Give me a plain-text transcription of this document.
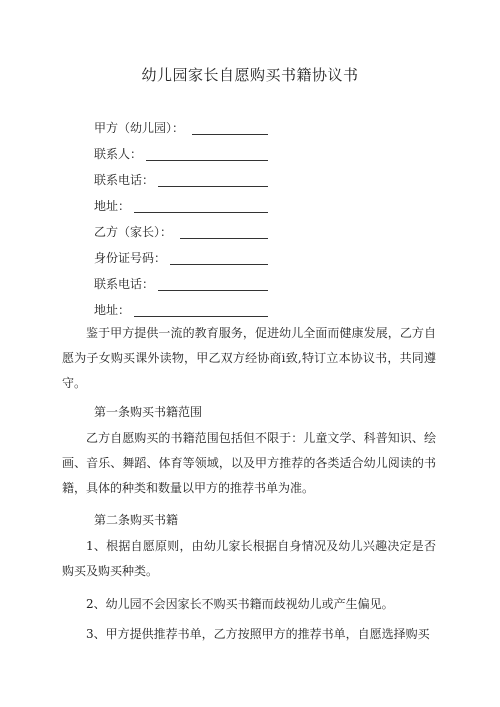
幼儿园家长自愿购买书籍协议书
甲方（幼儿园）：
联系人：
联系电话：
地址：
乙方（家长）：
身份证号码：
联系电话：
地址：

鉴于甲方提供一流的教育服务，促进幼儿全面而健康发展，乙方自愿为子女购买课外读物，甲乙双方经协商i致,特订立本协议书，共同遵守。

第一条购买书籍范围

乙方自愿购买的书籍范围包括但不限于：儿童文学、科普知识、绘画、音乐、舞蹈、体育等领域，以及甲方推荐的各类适合幼儿阅读的书籍，具体的种类和数量以甲方的推荐书单为准。

第二条购买书籍

1、根据自愿原则，由幼儿家长根据自身情况及幼儿兴趣决定是否购买及购买种类。

2、幼儿园不会因家长不购买书籍而歧视幼儿或产生偏见。

3、甲方提供推荐书单，乙方按照甲方的推荐书单，自愿选择购买
